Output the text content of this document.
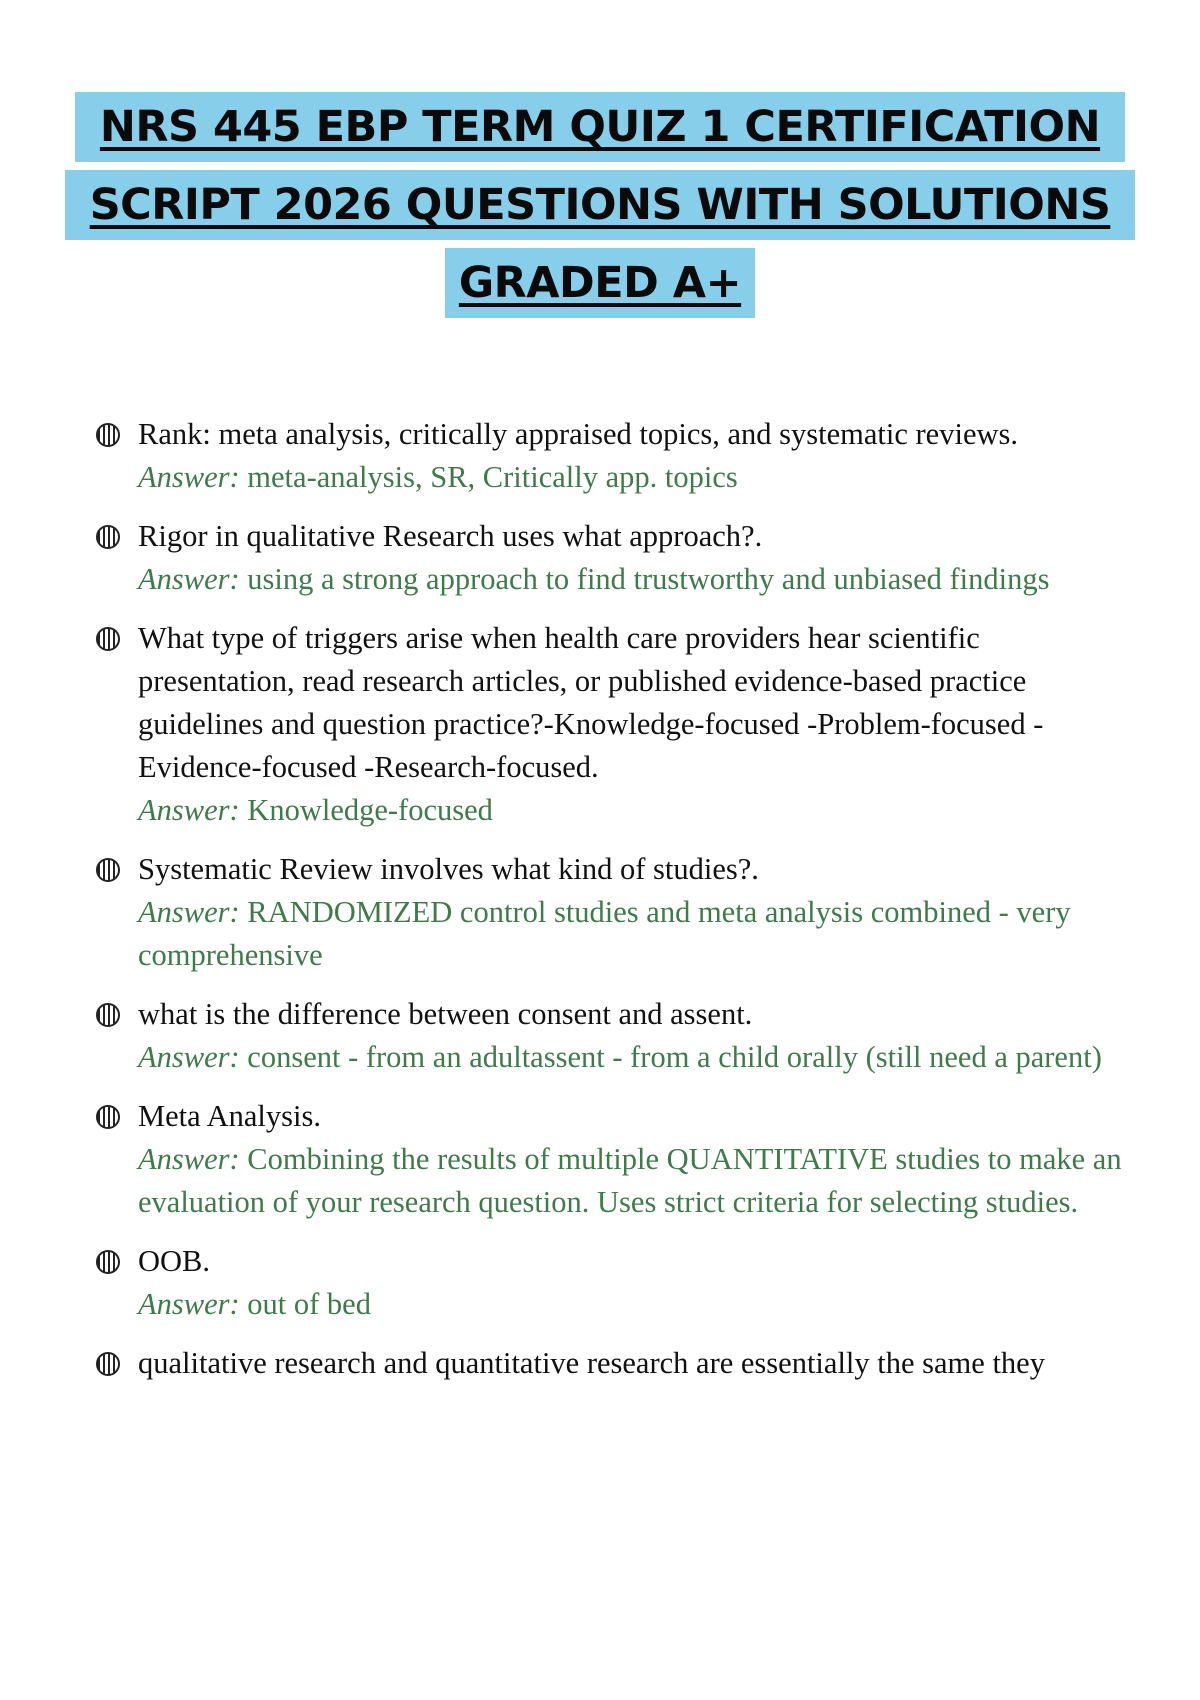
NRS 445 EBP TERM QUIZ 1 CERTIFICATION
SCRIPT 2026 QUESTIONS WITH SOLUTIONS
GRADED A+
Rank: meta analysis, critically appraised topics, and systematic reviews.
Answer: meta-analysis, SR, Critically app. topics
Rigor in qualitative Research uses what approach?.
Answer: using a strong approach to find trustworthy and unbiased findings
What type of triggers arise when health care providers hear scientific presentation, read research articles, or published evidence-based practice guidelines and question practice?-Knowledge-focused -Problem-focused -Evidence-focused -Research-focused.
Answer: Knowledge-focused
Systematic Review involves what kind of studies?.
Answer: RANDOMIZED control studies and meta analysis combined - very comprehensive
what is the difference between consent and assent.
Answer: consent - from an adultassent - from a child orally (still need a parent)
Meta Analysis.
Answer: Combining the results of multiple QUANTITATIVE studies to make an evaluation of your research question. Uses strict criteria for selecting studies.
OOB.
Answer: out of bed
qualitative research and quantitative research are essentially the same they
